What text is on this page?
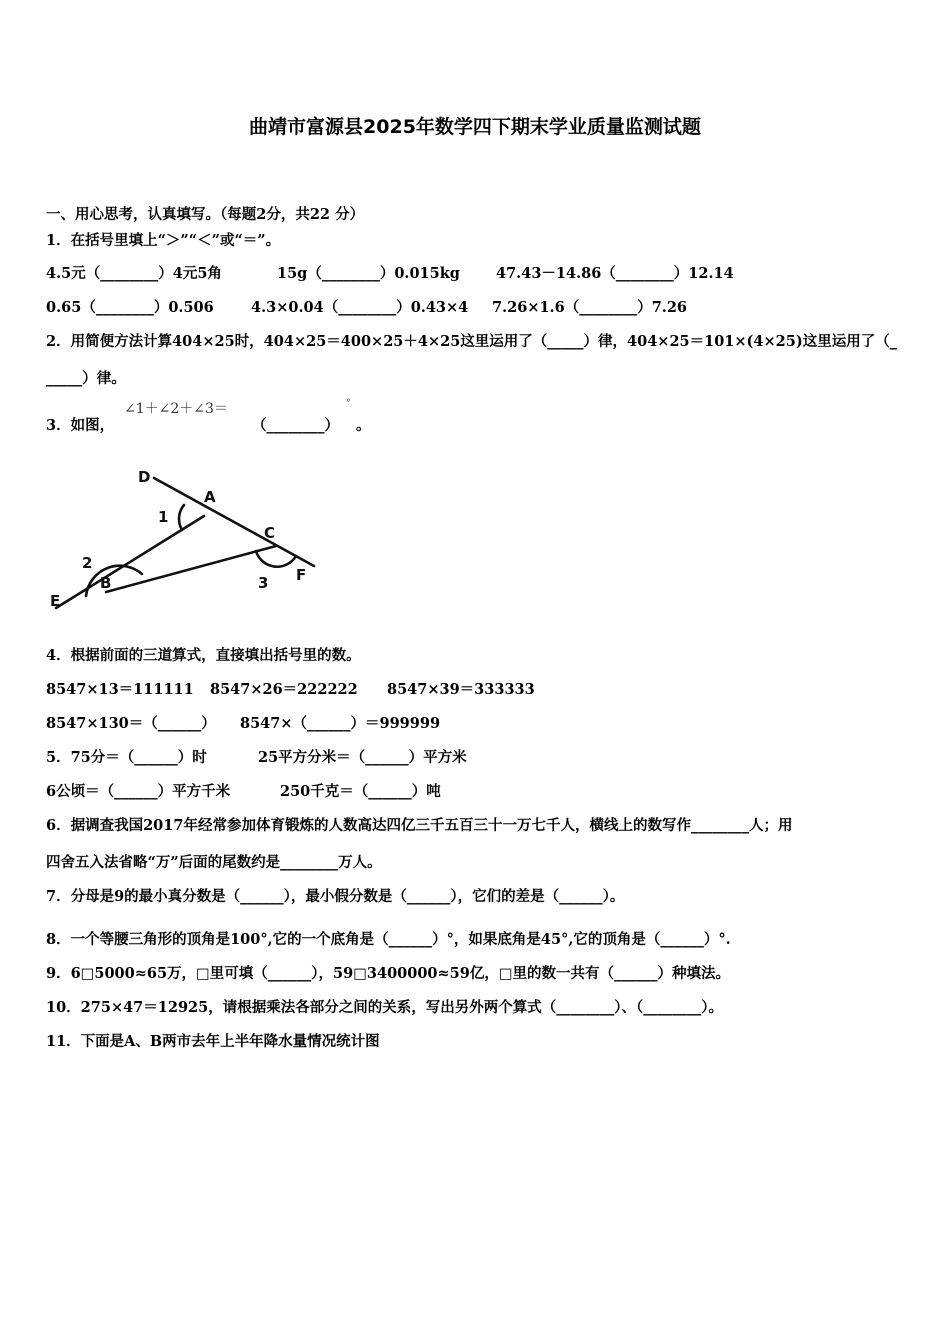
曲靖市富源县2025年数学四下期末学业质量监测试题
一、用心思考，认真填写。（每题2分，共22 分）
1．在括号里填上“＞”“＜”或“＝”。
4.5元（________）4元5角	15g（________）0.015kg 47.43－14.86（________）12.14
0.65（________）0.506	4.3×0.04（________）0.43×4 7.26×1.6（________）7.26
2．用简便方法计算404×25时，404×25＝400×25＋4×25这里运用了（_____）律，404×25＝101×(4×25)这里运用了（_
_____）律。
3．如图，
∠1＋∠2＋∠3＝
（________）
°
。
D
A
C
F
E
B
1
2
3
4．根据前面的三道算式，直接填出括号里的数。
8547×13＝111111 8547×26＝222222 8547×39＝333333
8547×130＝（______） 8547×（______）＝999999
5．75分＝（______）时	25平方分米＝（______）平方米
6公顷＝（______）平方千米	250千克＝（______）吨
6．据调查我国2017年经常参加体育锻炼的人数高达四亿三千五百三十一万七千人，横线上的数写作________人；用
四舍五入法省略“万”后面的尾数约是________万人。
7．分母是9的最小真分数是（______），最小假分数是（______），它们的差是（______）。
8．一个等腰三角形的顶角是100°,它的一个底角是（______）°，如果底角是45°,它的顶角是（______）°.
9．6□5000≈65万，□里可填（______），59□3400000≈59亿，□里的数一共有（______）种填法。
10．275×47＝12925，请根据乘法各部分之间的关系，写出另外两个算式（________）、（________）。
11．下面是A、B两市去年上半年降水量情况统计图
